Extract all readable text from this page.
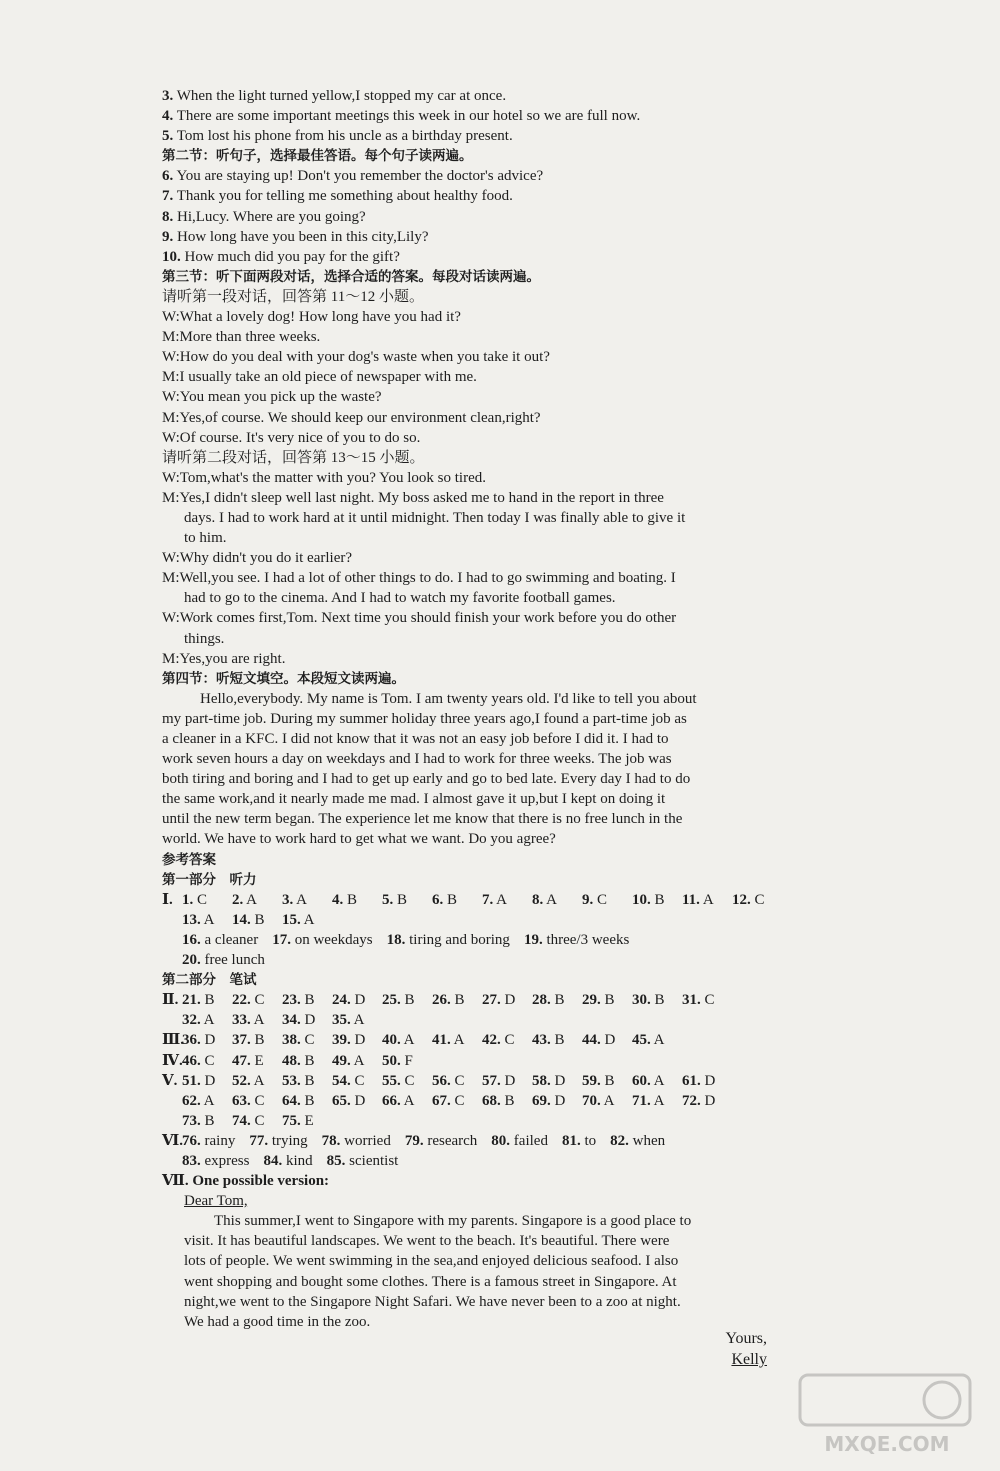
3. When the light turned yellow,I stopped my car at once.
4. There are some important meetings this week in our hotel so we are full now.
5. Tom lost his phone from his uncle as a birthday present.
第二节：听句子，选择最佳答语。每个句子读两遍。
6. You are staying up! Don't you remember the doctor's advice?
7. Thank you for telling me something about healthy food.
8. Hi,Lucy. Where are you going?
9. How long have you been in this city,Lily?
10. How much did you pay for the gift?
第三节：听下面两段对话，选择合适的答案。每段对话读两遍。
请听第一段对话，回答第 11～12 小题。
W:What a lovely dog! How long have you had it?
M:More than three weeks.
W:How do you deal with your dog's waste when you take it out?
M:I usually take an old piece of newspaper with me.
W:You mean you pick up the waste?
M:Yes,of course. We should keep our environment clean,right?
W:Of course. It's very nice of you to do so.
请听第二段对话，回答第 13～15 小题。
W:Tom,what's the matter with you? You look so tired.
M:Yes,I didn't sleep well last night. My boss asked me to hand in the report in three
days. I had to work hard at it until midnight. Then today I was finally able to give it
to him.
W:Why didn't you do it earlier?
M:Well,you see. I had a lot of other things to do. I had to go swimming and boating. I
had to go to the cinema. And I had to watch my favorite football games.
W:Work comes first,Tom. Next time you should finish your work before you do other
things.
M:Yes,you are right.
第四节：听短文填空。本段短文读两遍。
Hello,everybody. My name is Tom. I am twenty years old. I'd like to tell you about
my part-time job. During my summer holiday three years ago,I found a part-time job as
a cleaner in a KFC. I did not know that it was not an easy job before I did it. I had to
work seven hours a day on weekdays and I had to work for three weeks. The job was
both tiring and boring and I had to get up early and go to bed late. Every day I had to do
the same work,and it nearly made me mad. I almost gave it up,but I kept on doing it
until the new term began. The experience let me know that there is no free lunch in the
world. We have to work hard to get what we want. Do you agree?
参考答案
第一部分　听力
Ⅰ. 1. C 2. A 3. A 4. B 5. B 6. B 7. A 8. A 9. C 10. B 11. A 12. C
13. A 14. B 15. A
16. a cleaner 17. on weekdays 18. tiring and boring 19. three/3 weeks
20. free lunch
第二部分　笔试
Ⅱ. 21. B 22. C 23. B 24. D 25. B 26. B 27. D 28. B 29. B 30. B 31. C
32. A 33. A 34. D 35. A
Ⅲ.36. D 37. B 38. C 39. D 40. A 41. A 42. C 43. B 44. D 45. A
Ⅳ.46. C 47. E 48. B 49. A 50. F
Ⅴ. 51. D 52. A 53. B 54. C 55. C 56. C 57. D 58. D 59. B 60. A 61. D
62. A 63. C 64. B 65. D 66. A 67. C 68. B 69. D 70. A 71. A 72. D
73. B 74. C 75. E
Ⅵ.76. rainy 77. trying 78. worried 79. research 80. failed 81. to 82. when
83. express 84. kind 85. scientist
Ⅶ. One possible version:
Dear Tom,
This summer,I went to Singapore with my parents. Singapore is a good place to
visit. It has beautiful landscapes. We went to the beach. It's beautiful. There were
lots of people. We went swimming in the sea,and enjoyed delicious seafood. I also
went shopping and bought some clothes. There is a famous street in Singapore. At
night,we went to the Singapore Night Safari. We have never been to a zoo at night.
We had a good time in the zoo.
Yours,
Kelly
MXQE.COM
